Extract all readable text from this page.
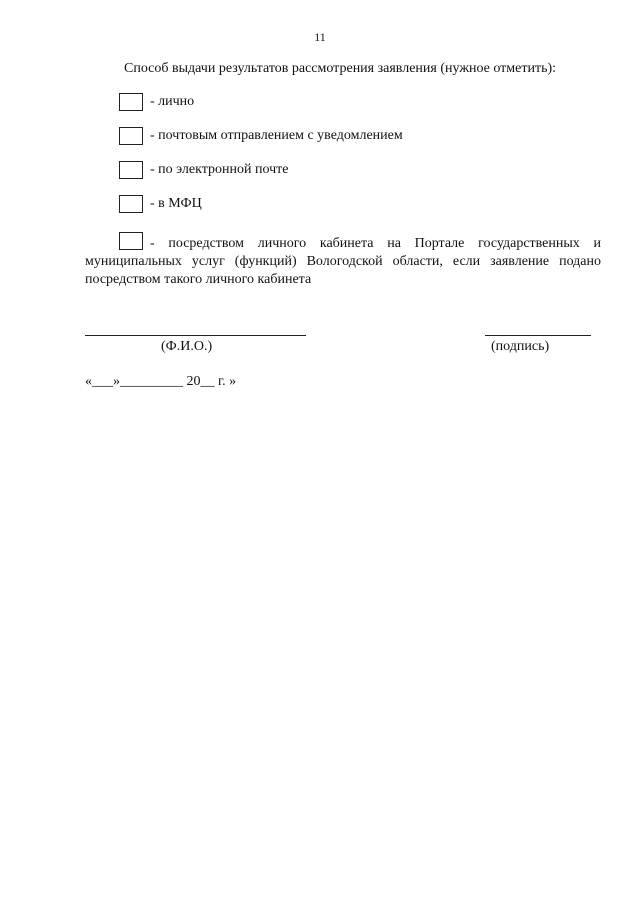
11
Способ выдачи результатов рассмотрения заявления (нужное отметить):
- лично
- почтовым отправлением с уведомлением
- по электронной почте
- в МФЦ
- посредством личного кабинета на Портале государственных и муниципальных услуг (функций) Вологодской области, если заявление подано посредством такого личного кабинета
(Ф.И.О.)	(подпись)
«___»_________ 20__ г. »
